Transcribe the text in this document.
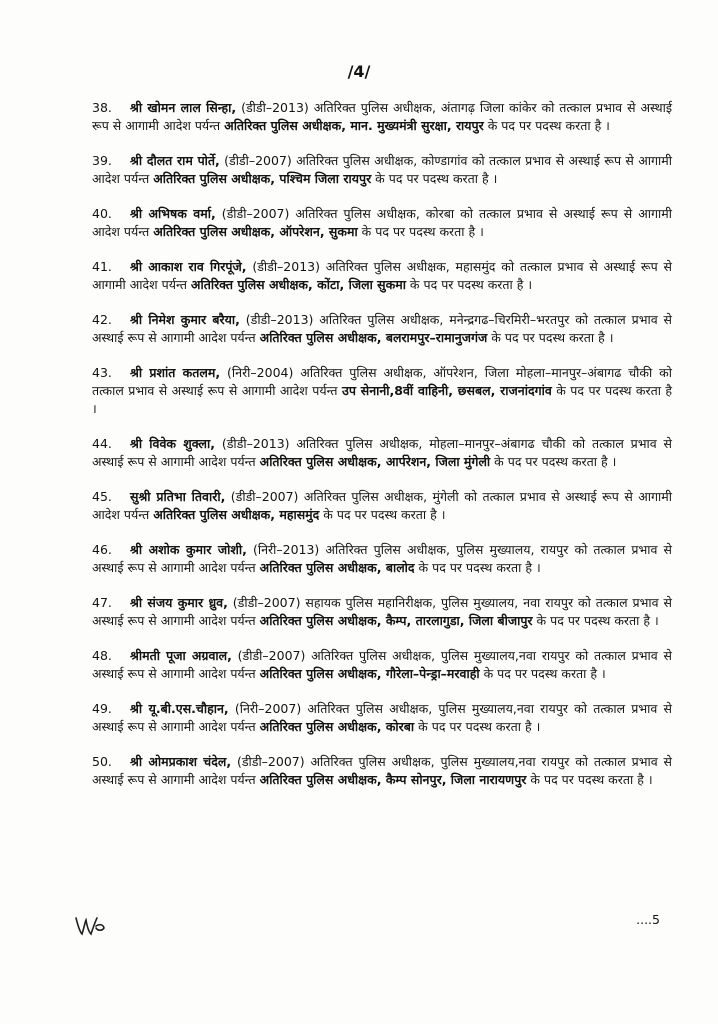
/4/

38. श्री खोमन लाल सिन्हा, (डीडी–2013) अतिरिक्त पुलिस अधीक्षक, अंतागढ़ जिला कांकेर को तत्काल प्रभाव से अस्थाई रूप से आगामी आदेश पर्यन्त अतिरिक्त पुलिस अधीक्षक, मान. मुख्यमंत्री सुरक्षा, रायपुर के पद पर पदस्थ करता है ।

39. श्री दौलत राम पोर्ते, (डीडी–2007) अतिरिक्त पुलिस अधीक्षक, कोण्डागांव को तत्काल प्रभाव से अस्थाई रूप से आगामी आदेश पर्यन्त अतिरिक्त पुलिस अधीक्षक, पश्चिम जिला रायपुर के पद पर पदस्थ करता है ।

40. श्री अभिषक वर्मा, (डीडी–2007) अतिरिक्त पुलिस अधीक्षक, कोरबा को तत्काल प्रभाव से अस्थाई रूप से आगामी आदेश पर्यन्त अतिरिक्त पुलिस अधीक्षक, ऑपरेशन, सुकमा के पद पर पदस्थ करता है ।

41. श्री आकाश राव गिरपूंजे, (डीडी–2013) अतिरिक्त पुलिस अधीक्षक, महासमुंद को तत्काल प्रभाव से अस्थाई रूप से आगामी आदेश पर्यन्त अतिरिक्त पुलिस अधीक्षक, कोंटा, जिला सुकमा के पद पर पदस्थ करता है ।

42. श्री निमेश कुमार बरैया, (डीडी–2013) अतिरिक्त पुलिस अधीक्षक, मनेन्द्रगढ–चिरमिरी–भरतपुर को तत्काल प्रभाव से अस्थाई रूप से आगामी आदेश पर्यन्त अतिरिक्त पुलिस अधीक्षक, बलरामपुर–रामानुजगंज के पद पर पदस्थ करता है ।

43. श्री प्रशांत कतलम, (निरी–2004) अतिरिक्त पुलिस अधीक्षक, ऑपरेशन, जिला मोहला–मानपुर–अंबागढ चौकी को तत्काल प्रभाव से अस्थाई रूप से आगामी आदेश पर्यन्त उप सेनानी,8वीं वाहिनी, छसबल, राजनांदगांव के पद पर पदस्थ करता है ।

44. श्री विवेक शुक्ला, (डीडी–2013) अतिरिक्त पुलिस अधीक्षक, मोहला–मानपुर–अंबागढ चौकी को तत्काल प्रभाव से अस्थाई रूप से आगामी आदेश पर्यन्त अतिरिक्त पुलिस अधीक्षक, आर्परेशन, जिला मुंगेली के पद पर पदस्थ करता है ।

45. सुश्री प्रतिभा तिवारी, (डीडी–2007) अतिरिक्त पुलिस अधीक्षक, मुंगेली को तत्काल प्रभाव से अस्थाई रूप से आगामी आदेश पर्यन्त अतिरिक्त पुलिस अधीक्षक, महासमुंद के पद पर पदस्थ करता है ।

46. श्री अशोक कुमार जोशी, (निरी–2013) अतिरिक्त पुलिस अधीक्षक, पुलिस मुख्यालय, रायपुर को तत्काल प्रभाव से अस्थाई रूप से आगामी आदेश पर्यन्त अतिरिक्त पुलिस अधीक्षक, बालोद के पद पर पदस्थ करता है ।

47. श्री संजय कुमार ध्रुव, (डीडी–2007) सहायक पुलिस महानिरीक्षक, पुलिस मुख्यालय, नवा रायपुर को तत्काल प्रभाव से अस्थाई रूप से आगामी आदेश पर्यन्त अतिरिक्त पुलिस अधीक्षक, कैम्प, तारलागुडा, जिला बीजापुर के पद पर पदस्थ करता है ।

48. श्रीमती पूजा अग्रवाल, (डीडी–2007) अतिरिक्त पुलिस अधीक्षक, पुलिस मुख्यालय,नवा रायपुर को तत्काल प्रभाव से अस्थाई रूप से आगामी आदेश पर्यन्त अतिरिक्त पुलिस अधीक्षक, गौरेला–पेन्ड्रा–मरवाही के पद पर पदस्थ करता है ।

49. श्री यू.बी.एस.चौहान, (निरी–2007) अतिरिक्त पुलिस अधीक्षक, पुलिस मुख्यालय,नवा रायपुर को तत्काल प्रभाव से अस्थाई रूप से आगामी आदेश पर्यन्त अतिरिक्त पुलिस अधीक्षक, कोरबा के पद पर पदस्थ करता है ।

50. श्री ओमप्रकाश चंदेल, (डीडी–2007) अतिरिक्त पुलिस अधीक्षक, पुलिस मुख्यालय,नवा रायपुर को तत्काल प्रभाव से अस्थाई रूप से आगामी आदेश पर्यन्त अतिरिक्त पुलिस अधीक्षक, कैम्प सोनपुर, जिला नारायणपुर के पद पर पदस्थ करता है ।

....5
